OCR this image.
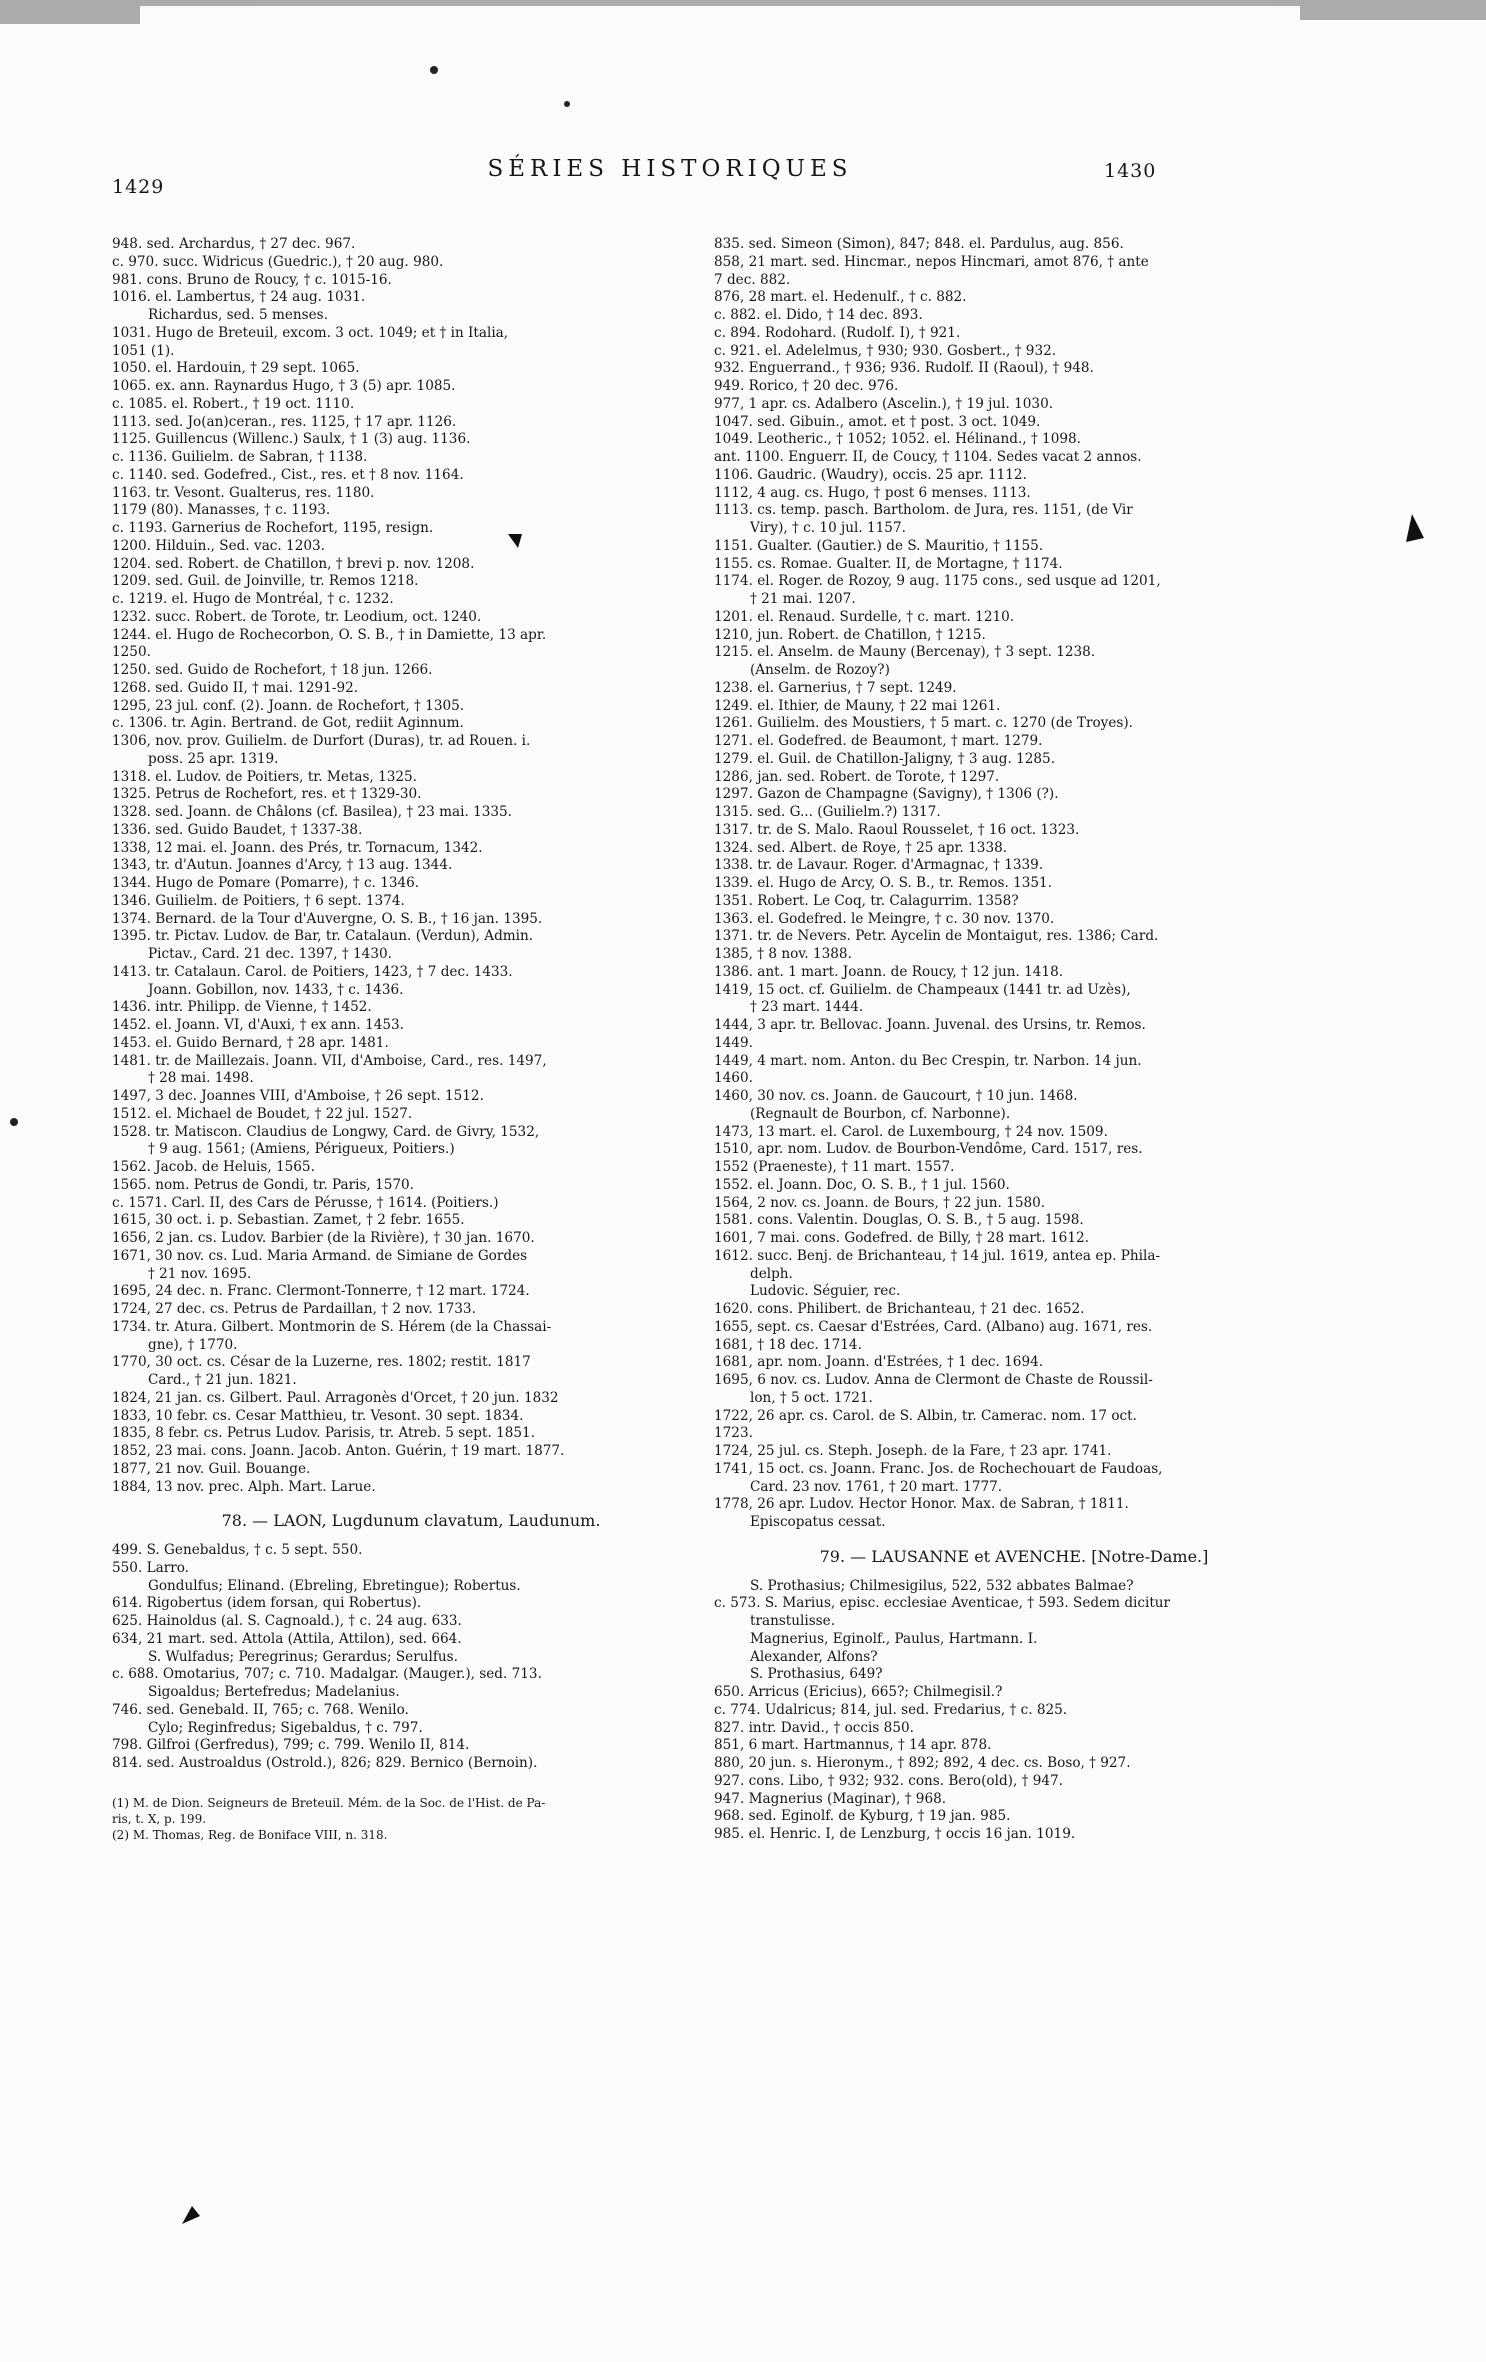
1429
SÉRIES HISTORIQUES	1430
948. sed. Archardus, † 27 dec. 967.
c. 970. succ. Widricus (Guedric.), † 20 aug. 980.
981. cons. Bruno de Roucy, † c. 1015-16.
1016. el. Lambertus, † 24 aug. 1031.
Richardus, sed. 5 menses.
1031. Hugo de Breteuil, excom. 3 oct. 1049; et † in Italia,
1051 (1).
1050. el. Hardouin, † 29 sept. 1065.
1065. ex. ann. Raynardus Hugo, † 3 (5) apr. 1085.
c. 1085. el. Robert., † 19 oct. 1110.
1113. sed. Jo(an)ceran., res. 1125, † 17 apr. 1126.
1125. Guillencus (Willenc.) Saulx, † 1 (3) aug. 1136.
c. 1136. Guilielm. de Sabran, † 1138.
c. 1140. sed. Godefred., Cist., res. et † 8 nov. 1164.
1163. tr. Vesont. Gualterus, res. 1180.
1179 (80). Manasses, † c. 1193.
c. 1193. Garnerius de Rochefort, 1195, resign.
1200. Hilduin., Sed. vac. 1203.
1204. sed. Robert. de Chatillon, † brevi p. nov. 1208.
1209. sed. Guil. de Joinville, tr. Remos 1218.
c. 1219. el. Hugo de Montréal, † c. 1232.
1232. succ. Robert. de Torote, tr. Leodium, oct. 1240.
1244. el. Hugo de Rochecorbon, O. S. B., † in Damiette, 13 apr.
1250.
1250. sed. Guido de Rochefort, † 18 jun. 1266.
1268. sed. Guido II, † mai. 1291-92.
1295, 23 jul. conf. (2). Joann. de Rochefort, † 1305.
c. 1306. tr. Agin. Bertrand. de Got, rediit Aginnum.
1306, nov. prov. Guilielm. de Durfort (Duras), tr. ad Rouen. i.
poss. 25 apr. 1319.
1318. el. Ludov. de Poitiers, tr. Metas, 1325.
1325. Petrus de Rochefort, res. et † 1329-30.
1328. sed. Joann. de Châlons (cf. Basilea), † 23 mai. 1335.
1336. sed. Guido Baudet, † 1337-38.
1338, 12 mai. el. Joann. des Prés, tr. Tornacum, 1342.
1343, tr. d'Autun. Joannes d'Arcy, † 13 aug. 1344.
1344. Hugo de Pomare (Pomarre), † c. 1346.
1346. Guilielm. de Poitiers, † 6 sept. 1374.
1374. Bernard. de la Tour d'Auvergne, O. S. B., † 16 jan. 1395.
1395. tr. Pictav. Ludov. de Bar, tr. Catalaun. (Verdun), Admin.
Pictav., Card. 21 dec. 1397, † 1430.
1413. tr. Catalaun. Carol. de Poitiers, 1423, † 7 dec. 1433.
Joann. Gobillon, nov. 1433, † c. 1436.
1436. intr. Philipp. de Vienne, † 1452.
1452. el. Joann. VI, d'Auxi, † ex ann. 1453.
1453. el. Guido Bernard, † 28 apr. 1481.
1481. tr. de Maillezais. Joann. VII, d'Amboise, Card., res. 1497,
† 28 mai. 1498.
1497, 3 dec. Joannes VIII, d'Amboise, † 26 sept. 1512.
1512. el. Michael de Boudet, † 22 jul. 1527.
1528. tr. Matiscon. Claudius de Longwy, Card. de Givry, 1532,
† 9 aug. 1561; (Amiens, Périgueux, Poitiers.)
1562. Jacob. de Heluis, 1565.
1565. nom. Petrus de Gondi, tr. Paris, 1570.
c. 1571. Carl. II, des Cars de Pérusse, † 1614. (Poitiers.)
1615, 30 oct. i. p. Sebastian. Zamet, † 2 febr. 1655.
1656, 2 jan. cs. Ludov. Barbier (de la Rivière), † 30 jan. 1670.
1671, 30 nov. cs. Lud. Maria Armand. de Simiane de Gordes
† 21 nov. 1695.
1695, 24 dec. n. Franc. Clermont-Tonnerre, † 12 mart. 1724.
1724, 27 dec. cs. Petrus de Pardaillan, † 2 nov. 1733.
1734. tr. Atura. Gilbert. Montmorin de S. Hérem (de la Chassai-
gne), † 1770.
1770, 30 oct. cs. César de la Luzerne, res. 1802; restit. 1817
Card., † 21 jun. 1821.
1824, 21 jan. cs. Gilbert. Paul. Arragonès d'Orcet, † 20 jun. 1832
1833, 10 febr. cs. Cesar Matthieu, tr. Vesont. 30 sept. 1834.
1835, 8 febr. cs. Petrus Ludov. Parisis, tr. Atreb. 5 sept. 1851.
1852, 23 mai. cons. Joann. Jacob. Anton. Guérin, † 19 mart. 1877.
1877, 21 nov. Guil. Bouange.
1884, 13 nov. prec. Alph. Mart. Larue.
78. — LAON, Lugdunum clavatum, Laudunum.
499. S. Genebaldus, † c. 5 sept. 550.
550. Larro.
Gondulfus; Elinand. (Ebreling, Ebretingue); Robertus.
614. Rigobertus (idem forsan, qui Robertus).
625. Hainoldus (al. S. Cagnoald.), † c. 24 aug. 633.
634, 21 mart. sed. Attola (Attila, Attilon), sed. 664.
S. Wulfadus; Peregrinus; Gerardus; Serulfus.
c. 688. Omotarius, 707; c. 710. Madalgar. (Mauger.), sed. 713.
Sigoaldus; Bertefredus; Madelanius.
746. sed. Genebald. II, 765; c. 768. Wenilo.
Cylo; Reginfredus; Sigebaldus, † c. 797.
798. Gilfroi (Gerfredus), 799; c. 799. Wenilo II, 814.
814. sed. Austroaldus (Ostrold.), 826; 829. Bernico (Bernoin).
(1) M. de Dion. Seigneurs de Breteuil. Mém. de la Soc. de l'Hist. de Pa-
ris, t. X, p. 199.
(2) M. Thomas, Reg. de Boniface VIII, n. 318.
835. sed. Simeon (Simon), 847; 848. el. Pardulus, aug. 856.
858, 21 mart. sed. Hincmar., nepos Hincmari, amot 876, † ante
7 dec. 882.
876, 28 mart. el. Hedenulf., † c. 882.
c. 882. el. Dido, † 14 dec. 893.
c. 894. Rodohard. (Rudolf. I), † 921.
c. 921. el. Adelelmus, † 930; 930. Gosbert., † 932.
932. Enguerrand., † 936; 936. Rudolf. II (Raoul), † 948.
949. Rorico, † 20 dec. 976.
977, 1 apr. cs. Adalbero (Ascelin.), † 19 jul. 1030.
1047. sed. Gibuin., amot. et † post. 3 oct. 1049.
1049. Leotheric., † 1052; 1052. el. Hélinand., † 1098.
ant. 1100. Enguerr. II, de Coucy, † 1104. Sedes vacat 2 annos.
1106. Gaudric. (Waudry), occis. 25 apr. 1112.
1112, 4 aug. cs. Hugo, † post 6 menses. 1113.
1113. cs. temp. pasch. Bartholom. de Jura, res. 1151, (de Vir
Viry), † c. 10 jul. 1157.
1151. Gualter. (Gautier.) de S. Mauritio, † 1155.
1155. cs. Romae. Gualter. II, de Mortagne, † 1174.
1174. el. Roger. de Rozoy, 9 aug. 1175 cons., sed usque ad 1201,
† 21 mai. 1207.
1201. el. Renaud. Surdelle, † c. mart. 1210.
1210, jun. Robert. de Chatillon, † 1215.
1215. el. Anselm. de Mauny (Bercenay), † 3 sept. 1238.
(Anselm. de Rozoy?)
1238. el. Garnerius, † 7 sept. 1249.
1249. el. Ithier, de Mauny, † 22 mai 1261.
1261. Guilielm. des Moustiers, † 5 mart. c. 1270 (de Troyes).
1271. el. Godefred. de Beaumont, † mart. 1279.
1279. el. Guil. de Chatillon-Jaligny, † 3 aug. 1285.
1286, jan. sed. Robert. de Torote, † 1297.
1297. Gazon de Champagne (Savigny), † 1306 (?).
1315. sed. G... (Guilielm.?) 1317.
1317. tr. de S. Malo. Raoul Rousselet, † 16 oct. 1323.
1324. sed. Albert. de Roye, † 25 apr. 1338.
1338. tr. de Lavaur. Roger. d'Armagnac, † 1339.
1339. el. Hugo de Arcy, O. S. B., tr. Remos. 1351.
1351. Robert. Le Coq, tr. Calagurrim. 1358?
1363. el. Godefred. le Meingre, † c. 30 nov. 1370.
1371. tr. de Nevers. Petr. Aycelin de Montaigut, res. 1386; Card.
1385, † 8 nov. 1388.
1386. ant. 1 mart. Joann. de Roucy, † 12 jun. 1418.
1419, 15 oct. cf. Guilielm. de Champeaux (1441 tr. ad Uzès),
† 23 mart. 1444.
1444, 3 apr. tr. Bellovac. Joann. Juvenal. des Ursins, tr. Remos.
1449.
1449, 4 mart. nom. Anton. du Bec Crespin, tr. Narbon. 14 jun.
1460.
1460, 30 nov. cs. Joann. de Gaucourt, † 10 jun. 1468.
(Regnault de Bourbon, cf. Narbonne).
1473, 13 mart. el. Carol. de Luxembourg, † 24 nov. 1509.
1510, apr. nom. Ludov. de Bourbon-Vendôme, Card. 1517, res.
1552 (Praeneste), † 11 mart. 1557.
1552. el. Joann. Doc, O. S. B., † 1 jul. 1560.
1564, 2 nov. cs. Joann. de Bours, † 22 jun. 1580.
1581. cons. Valentin. Douglas, O. S. B., † 5 aug. 1598.
1601, 7 mai. cons. Godefred. de Billy, † 28 mart. 1612.
1612. succ. Benj. de Brichanteau, † 14 jul. 1619, antea ep. Phila-
delph.
Ludovic. Séguier, rec.
1620. cons. Philibert. de Brichanteau, † 21 dec. 1652.
1655, sept. cs. Caesar d'Estrées, Card. (Albano) aug. 1671, res.
1681, † 18 dec. 1714.
1681, apr. nom. Joann. d'Estrées, † 1 dec. 1694.
1695, 6 nov. cs. Ludov. Anna de Clermont de Chaste de Roussil-
lon, † 5 oct. 1721.
1722, 26 apr. cs. Carol. de S. Albin, tr. Camerac. nom. 17 oct.
1723.
1724, 25 jul. cs. Steph. Joseph. de la Fare, † 23 apr. 1741.
1741, 15 oct. cs. Joann. Franc. Jos. de Rochechouart de Faudoas,
Card. 23 nov. 1761, † 20 mart. 1777.
1778, 26 apr. Ludov. Hector Honor. Max. de Sabran, † 1811.
Episcopatus cessat.
79. — LAUSANNE et AVENCHE. [Notre-Dame.]
S. Prothasius; Chilmesigilus, 522, 532 abbates Balmae?
c. 573. S. Marius, episc. ecclesiae Aventicae, † 593. Sedem dicitur
transtulisse.
Magnerius, Eginolf., Paulus, Hartmann. I.
Alexander, Alfons?
S. Prothasius, 649?
650. Arricus (Ericius), 665?; Chilmegisil.?
c. 774. Udalricus; 814, jul. sed. Fredarius, † c. 825.
827. intr. David., † occis 850.
851, 6 mart. Hartmannus, † 14 apr. 878.
880, 20 jun. s. Hieronym., † 892; 892, 4 dec. cs. Boso, † 927.
927. cons. Libo, † 932; 932. cons. Bero(old), † 947.
947. Magnerius (Maginar), † 968.
968. sed. Eginolf. de Kyburg, † 19 jan. 985.
985. el. Henric. I, de Lenzburg, † occis 16 jan. 1019.
